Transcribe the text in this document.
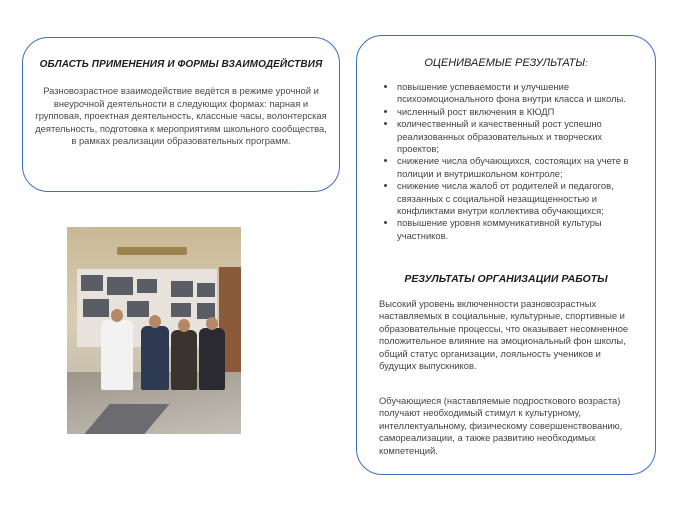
ОБЛАСТЬ ПРИМЕНЕНИЯ И ФОРМЫ ВЗАИМОДЕЙСТВИЯ
Разновозрастное взаимодействие ведётся в режиме урочной и внеурочной деятельности в следующих формах: парная и групповая, проектная деятельность, классные часы, волонтерская деятельность, подготовка к мероприятиям школьного сообщества, в рамках реализации образовательных программ.
ОЦЕНИВАЕМЫЕ РЕЗУЛЬТАТЫ:
• повышение успеваемости и улучшение психоэмоционального фона внутри класса и школы.
• численный рост включения в КЮДП
• количественный и качественный рост успешно реализованных образовательных и творческих проектов;
• снижение числа обучающихся, состоящих на учете в полиции и внутришкольном контроле;
• снижение числа жалоб от родителей и педагогов, связанных с социальной незащищенностью и конфликтами внутри коллектива обучающихся;
• повышение уровня коммуникативной культуры участников.
РЕЗУЛЬТАТЫ ОРГАНИЗАЦИИ РАБОТЫ
Высокий уровень включенности разновозрастных наставляемых в социальные, культурные, спортивные и образовательные процессы, что оказывает несомненное положительное влияние на эмоциональный фон школы, общий статус организации, лояльность учеников и будущих выпускников.
Обучающиеся (наставляемые подросткового возраста) получают необходимый стимул к культурному, интеллектуальному, физическому совершенствованию, самореализации, а также развитию необходимых компетенций.
